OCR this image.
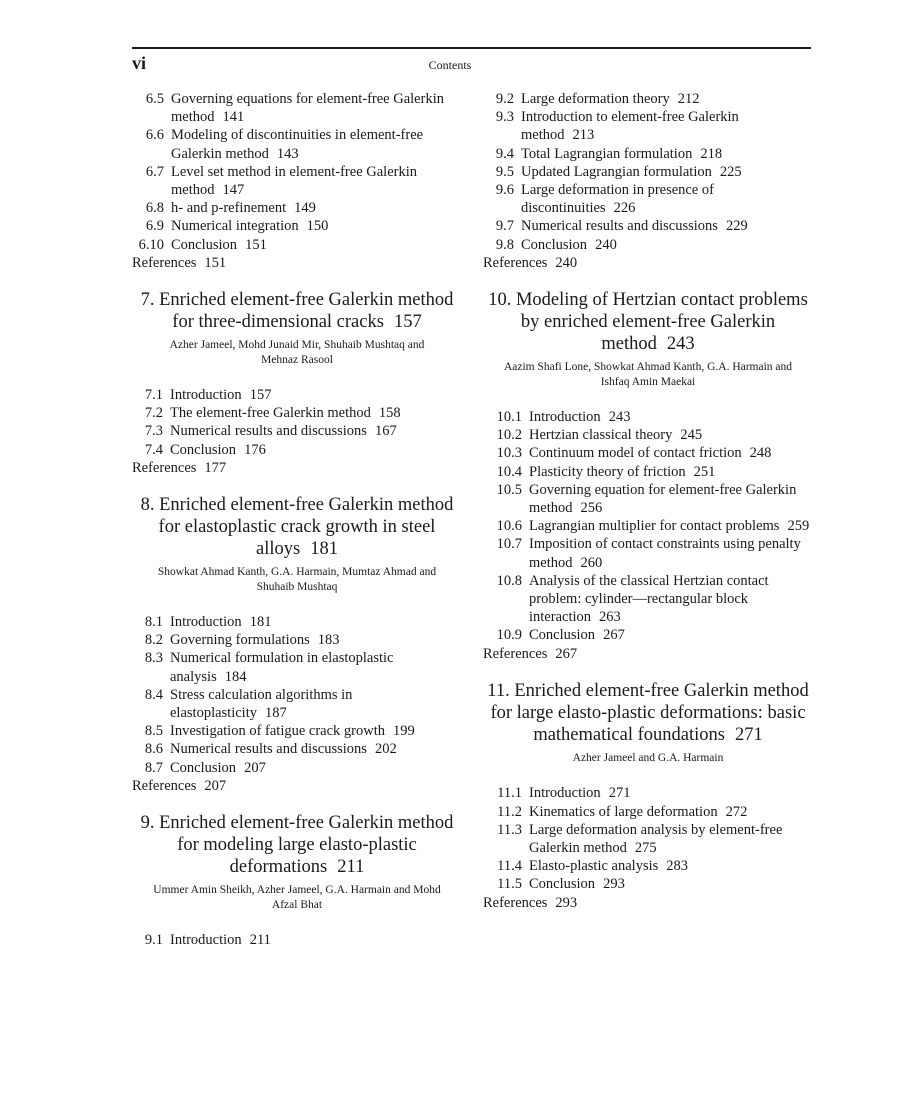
vi	Contents
6.5 Governing equations for element-free Galerkin method 141
6.6 Modeling of discontinuities in element-free Galerkin method 143
6.7 Level set method in element-free Galerkin method 147
6.8 h- and p-refinement 149
6.9 Numerical integration 150
6.10 Conclusion 151
References 151
7. Enriched element-free Galerkin method for three-dimensional cracks 157
Azher Jameel, Mohd Junaid Mir, Shuhaib Mushtaq and Mehnaz Rasool
7.1 Introduction 157
7.2 The element-free Galerkin method 158
7.3 Numerical results and discussions 167
7.4 Conclusion 176
References 177
8. Enriched element-free Galerkin method for elastoplastic crack growth in steel alloys 181
Showkat Ahmad Kanth, G.A. Harmain, Mumtaz Ahmad and Shuhaib Mushtaq
8.1 Introduction 181
8.2 Governing formulations 183
8.3 Numerical formulation in elastoplastic analysis 184
8.4 Stress calculation algorithms in elastoplasticity 187
8.5 Investigation of fatigue crack growth 199
8.6 Numerical results and discussions 202
8.7 Conclusion 207
References 207
9. Enriched element-free Galerkin method for modeling large elasto-plastic deformations 211
Ummer Amin Sheikh, Azher Jameel, G.A. Harmain and Mohd Afzal Bhat
9.1 Introduction 211
9.2 Large deformation theory 212
9.3 Introduction to element-free Galerkin method 213
9.4 Total Lagrangian formulation 218
9.5 Updated Lagrangian formulation 225
9.6 Large deformation in presence of discontinuities 226
9.7 Numerical results and discussions 229
9.8 Conclusion 240
References 240
10. Modeling of Hertzian contact problems by enriched element-free Galerkin method 243
Aazim Shafi Lone, Showkat Ahmad Kanth, G.A. Harmain and Ishfaq Amin Maekai
10.1 Introduction 243
10.2 Hertzian classical theory 245
10.3 Continuum model of contact friction 248
10.4 Plasticity theory of friction 251
10.5 Governing equation for element-free Galerkin method 256
10.6 Lagrangian multiplier for contact problems 259
10.7 Imposition of contact constraints using penalty method 260
10.8 Analysis of the classical Hertzian contact problem: cylinder—rectangular block interaction 263
10.9 Conclusion 267
References 267
11. Enriched element-free Galerkin method for large elasto-plastic deformations: basic mathematical foundations 271
Azher Jameel and G.A. Harmain
11.1 Introduction 271
11.2 Kinematics of large deformation 272
11.3 Large deformation analysis by element-free Galerkin method 275
11.4 Elasto-plastic analysis 283
11.5 Conclusion 293
References 293
